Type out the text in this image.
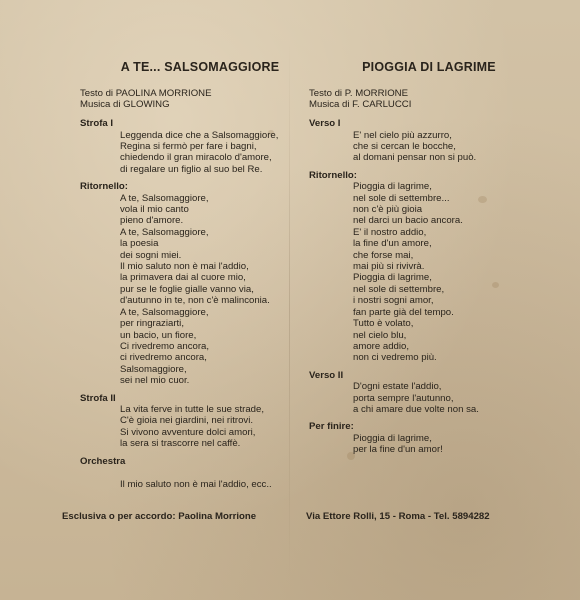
A TE... SALSOMAGGIORE
Testo di PAOLINA MORRIONE
Musica di GLOWING
Strofa I
Leggenda dice che a Salsomaggiore,
Regina si fermò per fare i bagni,
chiedendo il gran miracolo d'amore,
di regalare un figlio al suo bel Re.
Ritornello:
A te, Salsomaggiore,
vola il mio canto
pieno d'amore.
A te, Salsomaggiore,
la poesia
dei sogni miei.
Il mio saluto non è mai l'addio,
la primavera dai al cuore mio,
pur se le foglie gialle vanno via,
d'autunno in te, non c'è malinconia.
A te, Salsomaggiore,
per ringraziarti,
un bacio, un fiore,
Ci rivedremo ancora,
ci rivedremo ancora,
Salsomaggiore,
sei nel mio cuor.
Strofa II
La vita ferve in tutte le sue strade,
C'è gioia nei giardini, nei ritrovi.
Si vivono avventure dolci amori,
la sera si trascorre nel caffè.
Orchestra

Il mio saluto non è mai l'addio, ecc..
PIOGGIA DI LAGRIME
Testo di P. MORRIONE
Musica di F. CARLUCCI
Verso I
E' nel cielo più azzurro,
che si cercan le bocche,
al domani pensar non si può.
Ritornello:
Pioggia di lagrime,
nel sole di settembre...
non c'è più gioia
nel darci un bacio ancora.
E' il nostro addio,
la fine d'un amore,
che forse mai,
mai più si rivivrà.
Pioggia di lagrime,
nel sole di settembre,
i nostri sogni amor,
fan parte già del tempo.
Tutto è volato,
nel cielo blu,
amore addio,
non ci vedremo più.
Verso II
D'ogni estate l'addio,
porta sempre l'autunno,
a chi amare due volte non sa.
Per finire:
Pioggia di lagrime,
per la fine d'un amor!
Esclusiva o per accordo: Paolina Morrione	Via Ettore Rolli, 15 - Roma - Tel. 5894282
